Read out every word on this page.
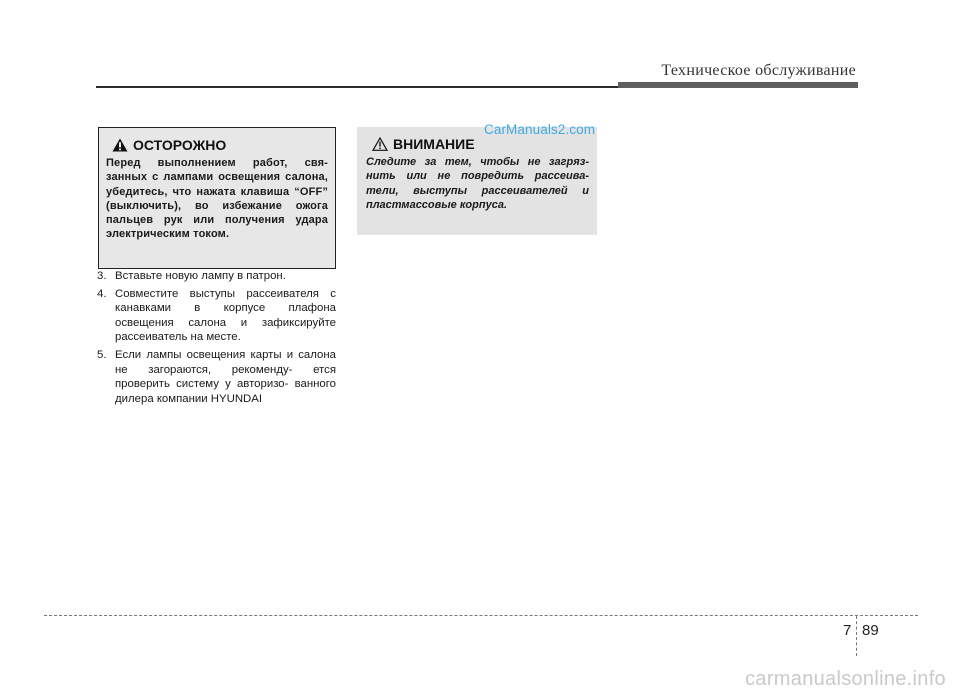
Техническое обслуживание
ОСТОРОЖНО
Перед выполнением работ, свя- занных с лампами освещения салона, убедитесь, что нажата клавиша “OFF” (выключить), во избежание ожога пальцев рук или получения удара электрическим током.
ВНИМАНИЕ
Следите за тем, чтобы не загряз- нить или не повредить рассеива- тели, выступы рассеивателей и пластмассовые корпуса.
CarManuals2.com
3. Вставьте новую лампу в патрон.
4. Совместите выступы рассеивателя с канавками в корпусе плафона освещения салона и зафиксируйте рассеиватель на месте.
5. Если лампы освещения карты и салона не загораются, рекоменду- ется проверить систему у авторизо- ванного дилера компании HYUNDAI
7 89
carmanualsonline.info
